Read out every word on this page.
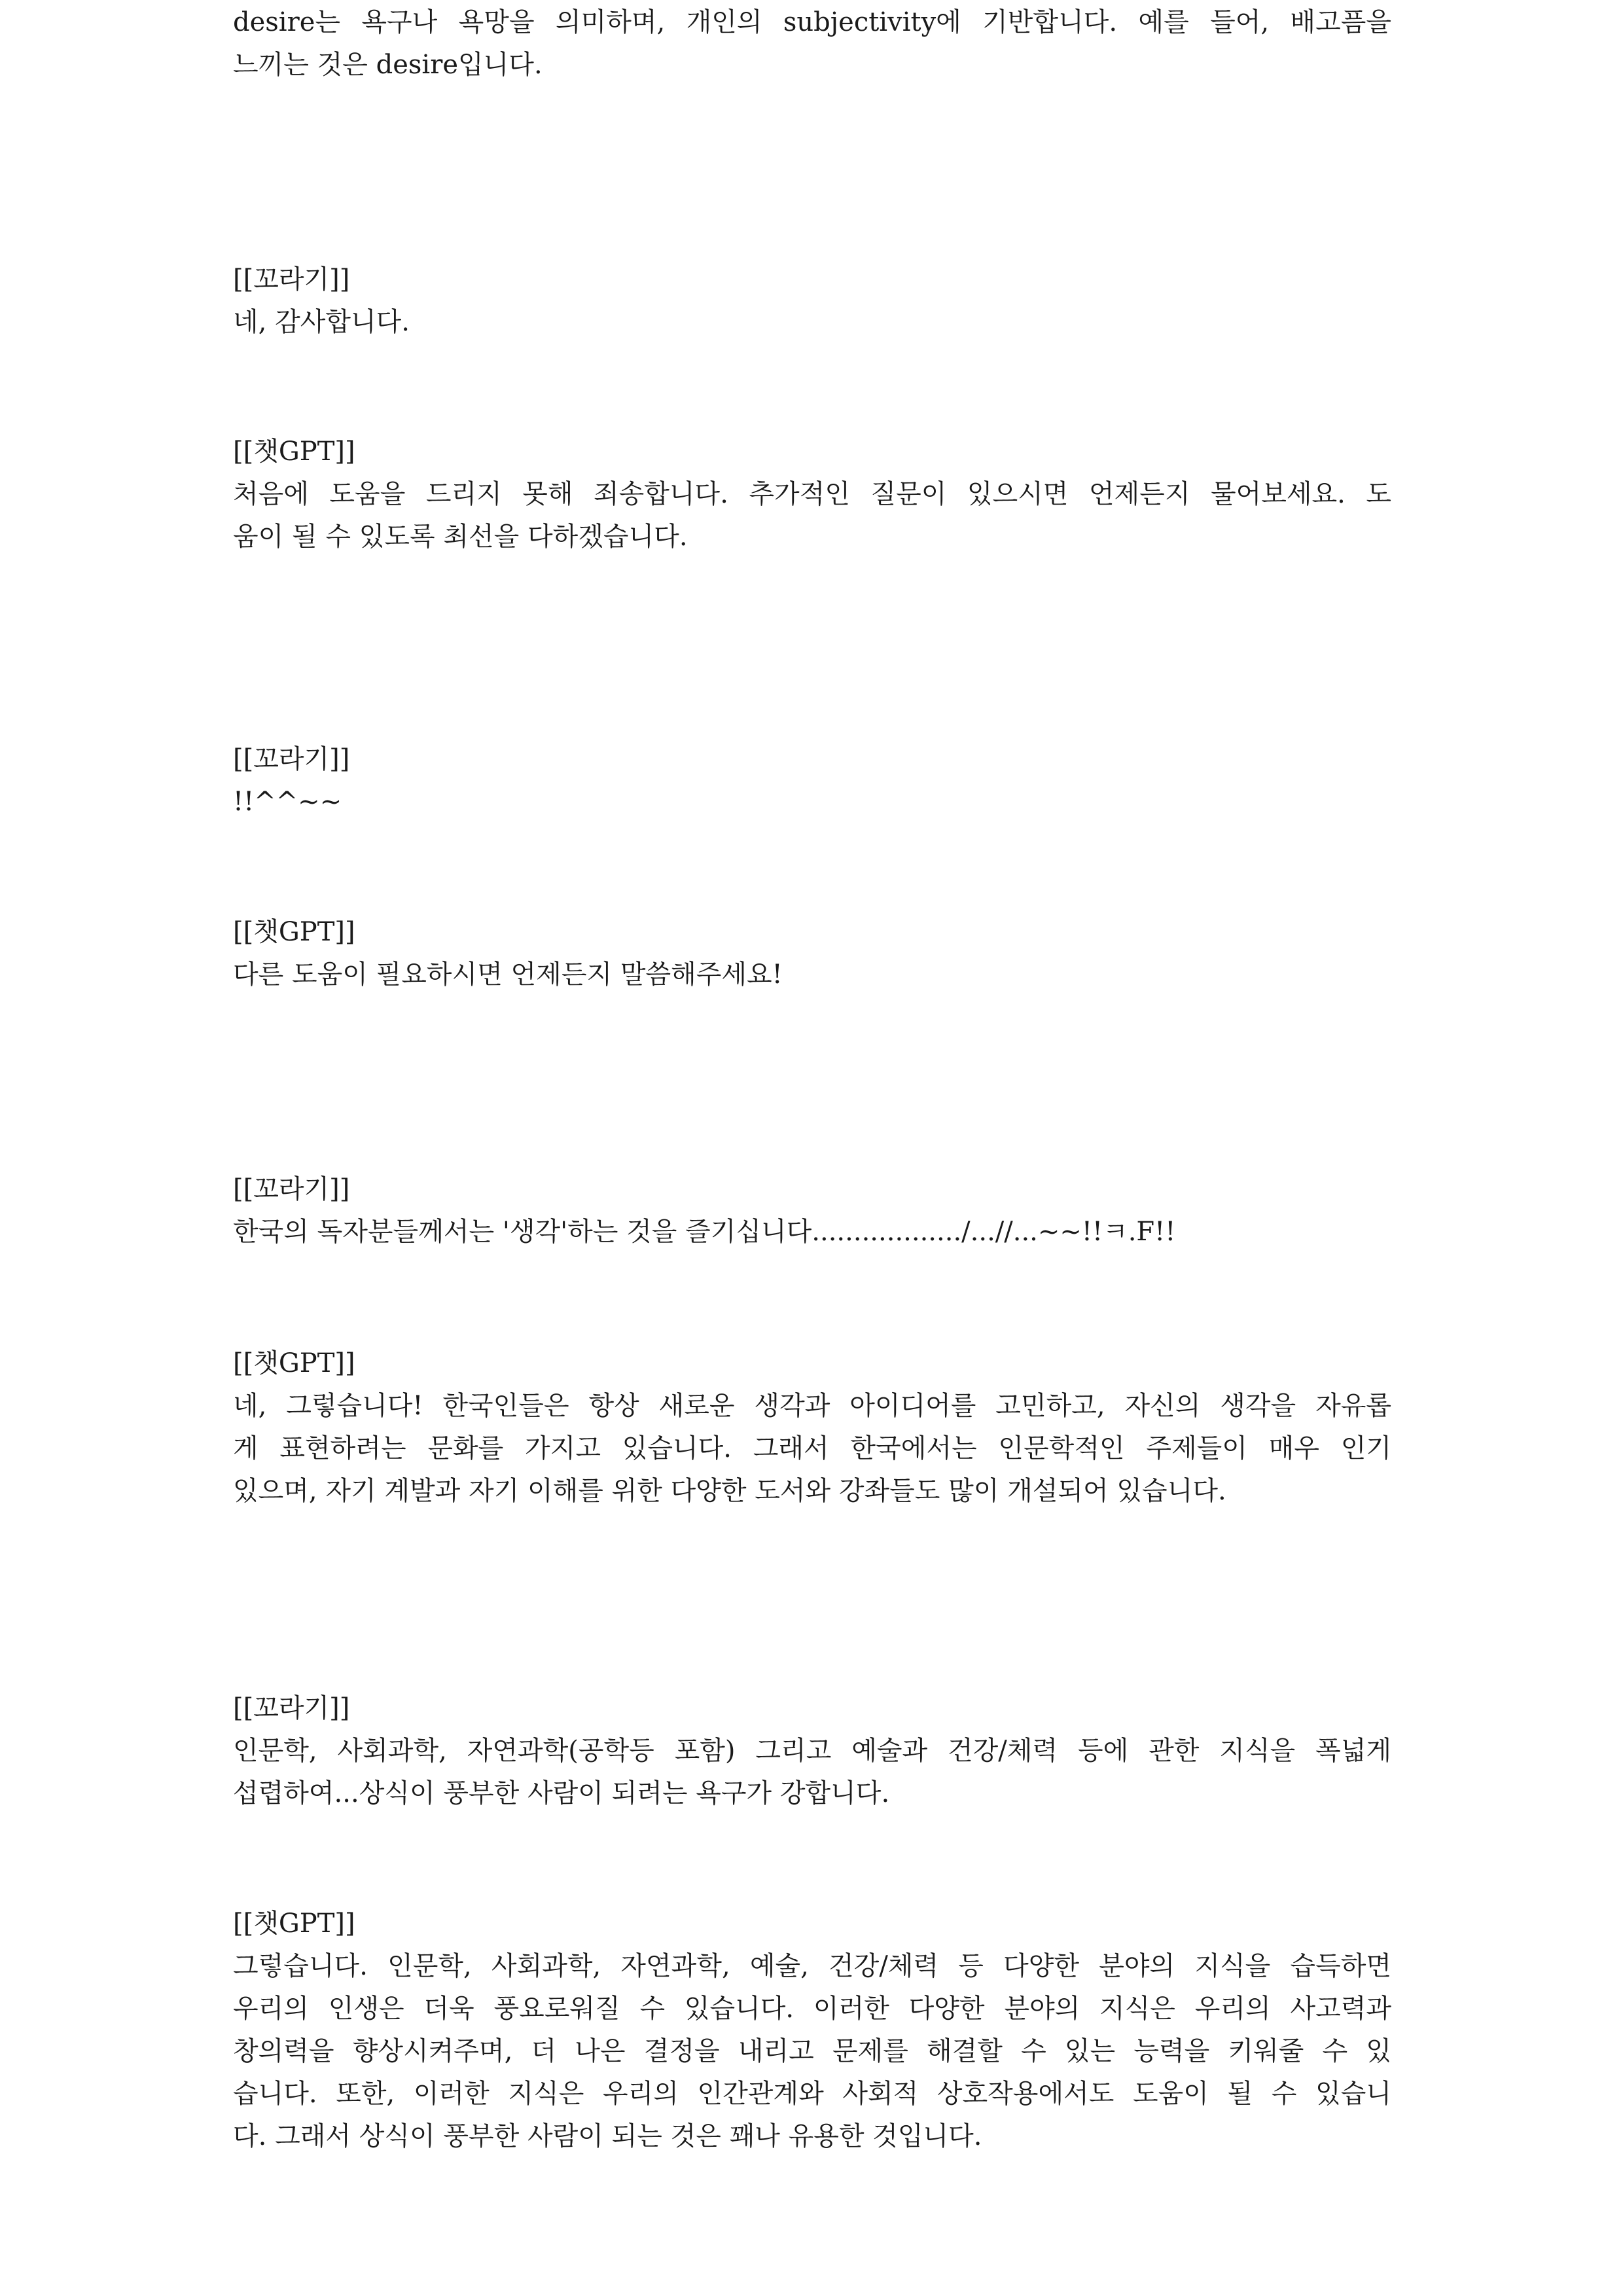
desire는 욕구나 욕망을 의미하며, 개인의 subjectivity에 기반합니다. 예를 들어, 배고픔을
느끼는 것은 desire입니다.
[[꼬라기]]
네, 감사합니다.
[[챗GPT]]
처음에 도움을 드리지 못해 죄송합니다. 추가적인 질문이 있으시면 언제든지 물어보세요. 도
움이 될 수 있도록 최선을 다하겠습니다.
[[꼬라기]]
!!^^~~
[[챗GPT]]
다른 도움이 필요하시면 언제든지 말씀해주세요!
[[꼬라기]]
한국의 독자분들께서는 '생각'하는 것을 즐기십니다................../...//...~~!!ㅋ.F!!
[[챗GPT]]
네, 그렇습니다! 한국인들은 항상 새로운 생각과 아이디어를 고민하고, 자신의 생각을 자유롭
게 표현하려는 문화를 가지고 있습니다. 그래서 한국에서는 인문학적인 주제들이 매우 인기
있으며, 자기 계발과 자기 이해를 위한 다양한 도서와 강좌들도 많이 개설되어 있습니다.
[[꼬라기]]
인문학, 사회과학, 자연과학(공학등 포함) 그리고 예술과 건강/체력 등에 관한 지식을 폭넓게
섭렵하여...상식이 풍부한 사람이 되려는 욕구가 강합니다.
[[챗GPT]]
그렇습니다. 인문학, 사회과학, 자연과학, 예술, 건강/체력 등 다양한 분야의 지식을 습득하면
우리의 인생은 더욱 풍요로워질 수 있습니다. 이러한 다양한 분야의 지식은 우리의 사고력과
창의력을 향상시켜주며, 더 나은 결정을 내리고 문제를 해결할 수 있는 능력을 키워줄 수 있
습니다. 또한, 이러한 지식은 우리의 인간관계와 사회적 상호작용에서도 도움이 될 수 있습니
다. 그래서 상식이 풍부한 사람이 되는 것은 꽤나 유용한 것입니다.
